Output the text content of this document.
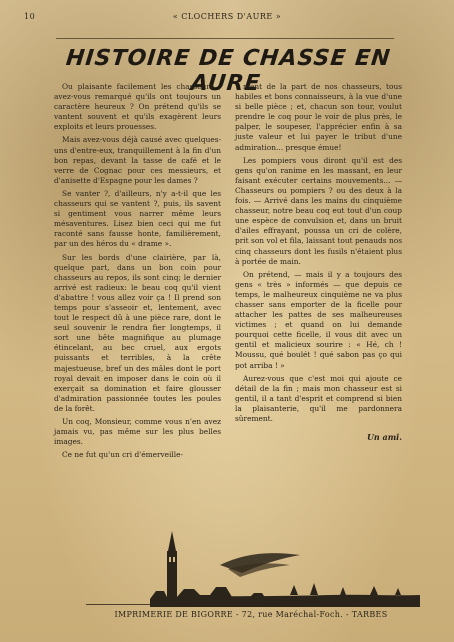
10	« CLOCHERS D'AURE »
HISTOIRE DE CHASSE EN AURE

Ou plaisante facilement les chasseurs ; avez-vous remarqué qu'ils ont toujours un caractère heureux ? On prétend qu'ils se vantent souvent et qu'ils exagèrent leurs exploits et leurs prouesses.

Mais avez-vous déjà causé avec quelques-uns d'entre-eux, tranquillement à la fin d'un bon repas, devant la tasse de café et le verre de Cognac pour ces messieurs, et d'anisette d'Espagne pour les dames ?

Se vanter ?, d'ailleurs, n'y a-t-il que les chasseurs qui se vantent ?, puis, ils savent si gentiment vous narrer même leurs mésaventures. Lisez bien ceci qui me fut raconté sans fausse honte, familièrement, par un des héros du « drame ».

Sur les bords d'une clairière, par là, quelque part, dans un bon coin pour chasseurs au repos, ils sont cinq; le dernier arrivé est radieux: le beau coq qu'il vient d'abattre ! vous allez voir ça ! Il prend son temps pour s'asseoir et, lentement, avec tout le respect dû à une pièce rare, dont le seul souvenir le rendra fier longtemps, il sort une bête magnifique au plumage étincelant, au bec cruel, aux ergots puissants et terribles, à la crête majestueuse, bref un des mâles dont le port royal devait en imposer dans le coin où il exerçait sa domination et faire glousser d'admiration passionnée toutes les poules de la forêt.

Un coq, Monsieur, comme vous n'en avez jamais vu, pas même sur les plus belles images.

Ce ne fut qu'un cri d'émerveille-

ment de la part de nos chasseurs, tous habiles et bons connaisseurs, à la vue d'une si belle pièce ; et, chacun son tour, voulut prendre le coq pour le voir de plus près, le palper, le soupeser, l'apprécier enfin à sa juste valeur et lui payer le tribut d'une admiration... presque émue!

Les pompiers vous diront qu'il est des gens qu'on ranime en les massant, en leur faisant exécuter certains mouvements... — Chasseurs ou pompiers ? ou des deux à la fois. — Arrivé dans les mains du cinquième chasseur, notre beau coq eut tout d'un coup une espèce de convulsion et, dans un bruit d'ailes effrayant, poussa un cri de colère, prit son vol et fila, laissant tout penauds nos cinq chasseurs dont les fusils n'étaient plus à portée de main.

On prétend, — mais il y a toujours des gens « très » informés — que depuis ce temps, le malheureux cinquième ne va plus chasser sans emporter de la ficelle pour attacher les pattes de ses malheureuses victimes ; et quand on lui demande pourquoi cette ficelle, il vous dit avec un gentil et malicieux sourire : « Hé, ch ! Moussu, qué boulét ! qué sabon pas ço qui pot arriba ! »

Aurez-vous que c'est moi qui ajoute ce détail de la fin ; mais mon chasseur est si gentil, il a tant d'esprit et comprend si bien la plaisanterie, qu'il me pardonnera sûrement.

Un ami.
IMPRIMERIE DE BIGORRE - 72, rue Maréchal-Foch. - TARBES
